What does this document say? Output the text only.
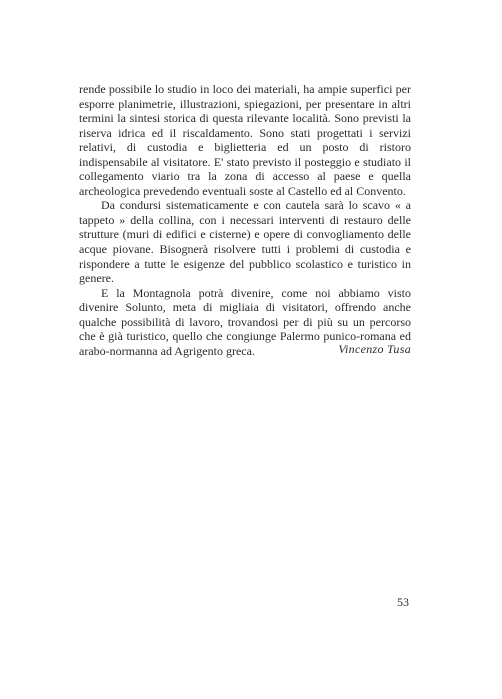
rende possibile lo studio in loco dei materiali, ha ampie superfici per esporre planimetrie, illustrazioni, spiegazioni, per presentare in altri termini la sintesi storica di questa rilevante località. Sono previsti la riserva idrica ed il riscaldamento. Sono stati progettati i servizi relativi, di custodia e biglietteria ed un posto di ristoro indispensabile al visitatore. E' stato previsto il posteggio e studiato il collegamento viario tra la zona di accesso al paese e quella archeologica prevedendo eventuali soste al Castello ed al Convento.

Da condursi sistematicamente e con cautela sarà lo scavo « a tappeto » della collina, con i necessari interventi di restauro delle strutture (muri di edifici e cisterne) e opere di convogliamento delle acque piovane. Bisognerà risolvere tutti i problemi di custodia e rispondere a tutte le esigenze del pubblico scolastico e turistico in genere.

E la Montagnola potrà divenire, come noi abbiamo visto divenire Solunto, meta di migliaia di visitatori, offrendo anche qualche possibilità di lavoro, trovandosi per di più su un percorso che è già turistico, quello che congiunge Palermo punico-romana ed arabo-normanna ad Agrigento greca.	Vincenzo Tusa
53
